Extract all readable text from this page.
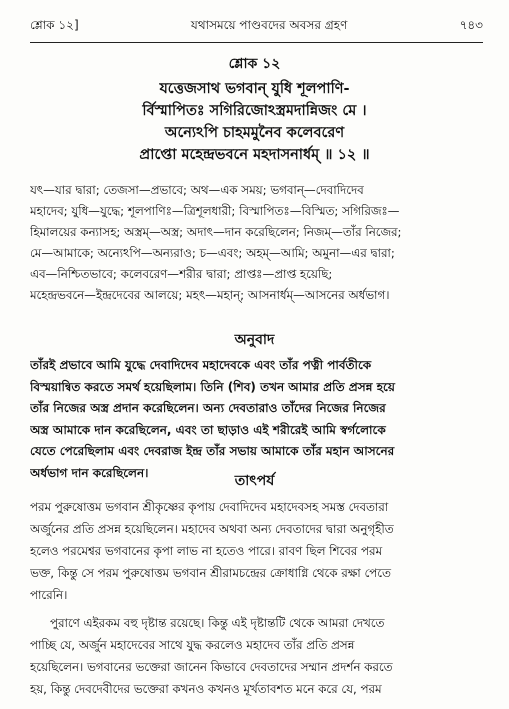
শ্লোক ১২]	যথাসময়ে পাণ্ডবদের অবসর গ্রহণ	৭৪৩
শ্লোক ১২
যত্তেজসাথ ভগবান্ যুধি শূলপাণি-
র্বিস্মাপিতঃ সগিরিজোঽস্ত্রমদান্নিজং মে ।
অন্যেঽপি চাহমমুনৈব কলেবরেণ
প্রাপ্তো মহেন্দ্রভবনে মহদাসনার্ধম্ ॥ ১২ ॥
যৎ—যার দ্বারা; তেজসা—প্রভাবে; অথ—এক সময়; ভগবান্—দেবাদিদেব
মহাদেব; যুধি—যুদ্ধে; শূলপাণিঃ—ত্রিশূলধারী; বিস্মাপিতঃ—বিস্মিত; সগিরিজঃ—
হিমালয়ের কন্যাসহ; অস্ত্রম্—অস্ত্র; অদাৎ—দান করেছিলেন; নিজম্—তাঁর নিজের;
মে—আমাকে; অন্যেঽপি—অন্যরাও; চ—এবং; অহম্—আমি; অমুনা—এর দ্বারা;
এব—নিশ্চিতভাবে; কলেবরেণ—শরীর দ্বারা; প্রাপ্তঃ—প্রাপ্ত হয়েছি;
মহেন্দ্রভবনে—ইন্দ্রদেবের আলয়ে; মহৎ—মহান্; আসনার্ধম্—আসনের অর্ধভাগ।
অনুবাদ
তাঁরই প্রভাবে আমি যুদ্ধে দেবাদিদেব মহাদেবকে এবং তাঁর পত্নী পার্বতীকে
বিস্ময়ান্বিত করতে সমর্থ হয়েছিলাম। তিনি (শিব) তখন আমার প্রতি প্রসন্ন হয়ে
তাঁর নিজের অস্ত্র প্রদান করেছিলেন। অন্য দেবতারাও তাঁদের নিজের নিজের
অস্ত্র আমাকে দান করেছিলেন, এবং তা ছাড়াও এই শরীরেই আমি স্বর্গলোকে
যেতে পেরেছিলাম এবং দেবরাজ ইন্দ্র তাঁর সভায় আমাকে তাঁর মহান আসনের
অর্ধভাগ দান করেছিলেন।
তাৎপর্য
পরম পুরুষোত্তম ভগবান শ্রীকৃষ্ণের কৃপায় দেবাদিদেব মহাদেবসহ সমস্ত দেবতারা
অর্জুনের প্রতি প্রসন্ন হয়েছিলেন। মহাদেব অথবা অন্য দেবতাদের দ্বারা অনুগৃহীত
হলেও পরমেশ্বর ভগবানের কৃপা লাভ না হতেও পারে। রাবণ ছিল শিবের পরম
ভক্ত, কিন্তু সে পরম পুরুষোত্তম ভগবান শ্রীরামচন্দ্রের ক্রোধাগ্নি থেকে রক্ষা পেতে
পারেনি।
পুরাণে এইরকম বহু দৃষ্টান্ত রয়েছে। কিন্তু এই দৃষ্টান্তটি থেকে আমরা দেখতে
পাচ্ছি যে, অর্জুন মহাদেবের সাথে যুদ্ধ করলেও মহাদেব তাঁর প্রতি প্রসন্ন
হয়েছিলেন। ভগবানের ভক্তেরা জানেন কিভাবে দেবতাদের সম্মান প্রদর্শন করতে
হয়, কিন্তু দেবদেবীদের ভক্তেরা কখনও কখনও মূর্খতাবশত মনে করে যে, পরম
